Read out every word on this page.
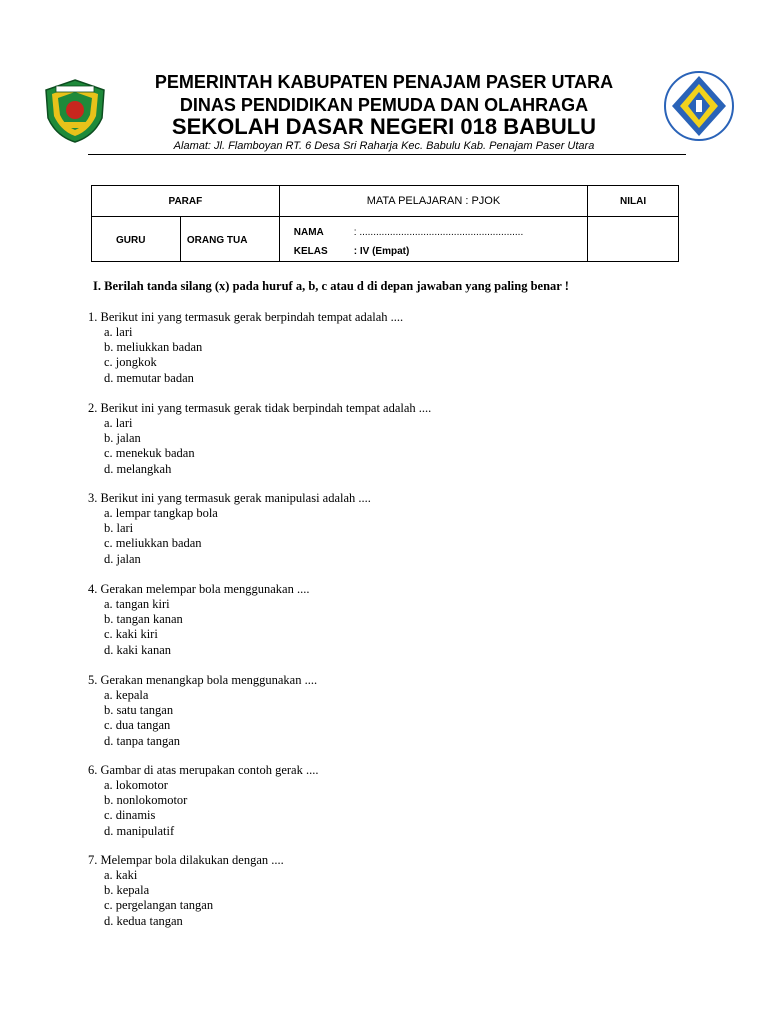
PEMERINTAH KABUPATEN PENAJAM PASER UTARA
DINAS PENDIDIKAN PEMUDA DAN OLAHRAGA
SEKOLAH DASAR NEGERI 018 BABULU
Alamat: Jl. Flamboyan RT. 6 Desa Sri Raharja Kec. Babulu Kab. Penajam Paser Utara
PARAF		MATA PELAJARAN : PJOK	NILAI

GURU	ORANG TUA	NAMA : ...........................................................
KELAS : IV (Empat)	

I. Berilah tanda silang (x) pada huruf a, b, c atau d di depan jawaban yang paling benar !
1. Berikut ini yang termasuk gerak berpindah tempat adalah ....
a. lari
b. meliukkan badan
c. jongkok
d. memutar badan
2. Berikut ini yang termasuk gerak tidak berpindah tempat adalah ....
a. lari
b. jalan
c. menekuk badan
d. melangkah
3. Berikut ini yang termasuk gerak manipulasi adalah ....
a. lempar tangkap bola
b. lari
c. meliukkan badan
d. jalan
4. Gerakan melempar bola menggunakan ....
a. tangan kiri
b. tangan kanan
c. kaki kiri
d. kaki kanan
5. Gerakan menangkap bola menggunakan ....
a. kepala
b. satu tangan
c. dua tangan
d. tanpa tangan
6. Gambar di atas merupakan contoh gerak ....
a. lokomotor
b. nonlokomotor
c. dinamis
d. manipulatif
7. Melempar bola dilakukan dengan ....
a. kaki
b. kepala
c. pergelangan tangan
d. kedua tangan
